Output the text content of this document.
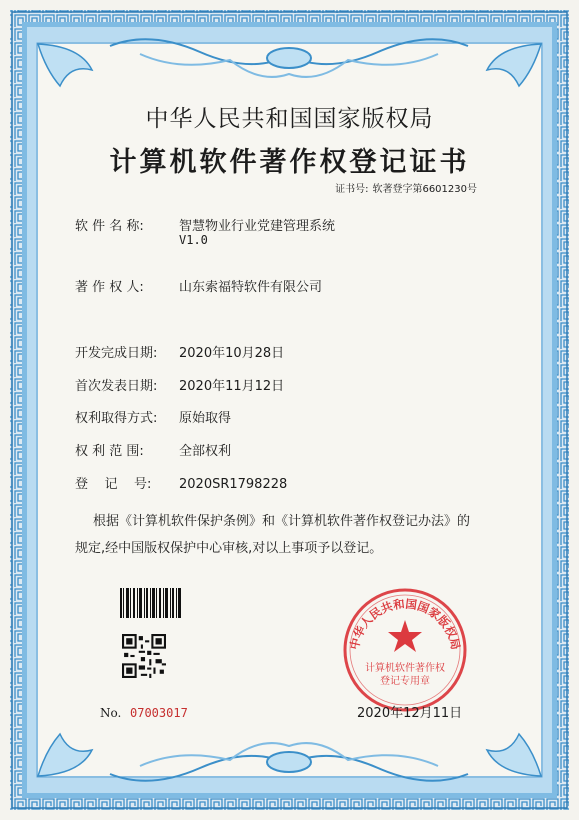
中华人民共和国国家版权局
计算机软件著作权登记证书
证书号: 软著登字第6601230号
软 件 名 称:	智慧物业行业党建管理系统
V1.0
著 作 权 人:	山东索福特软件有限公司
开发完成日期: 2020年10月28日
首次发表日期: 2020年11月12日
权利取得方式: 原始取得
权 利 范 围:	全部权利
登    记    号: 2020SR1798228
根据《计算机软件保护条例》和《计算机软件著作权登记办法》的
规定,经中国版权保护中心审核,对以上事项予以登记。
No. 07003017
中华人民共和国国家版权局
计算机软件著作权
登记专用章
2020年12月11日
